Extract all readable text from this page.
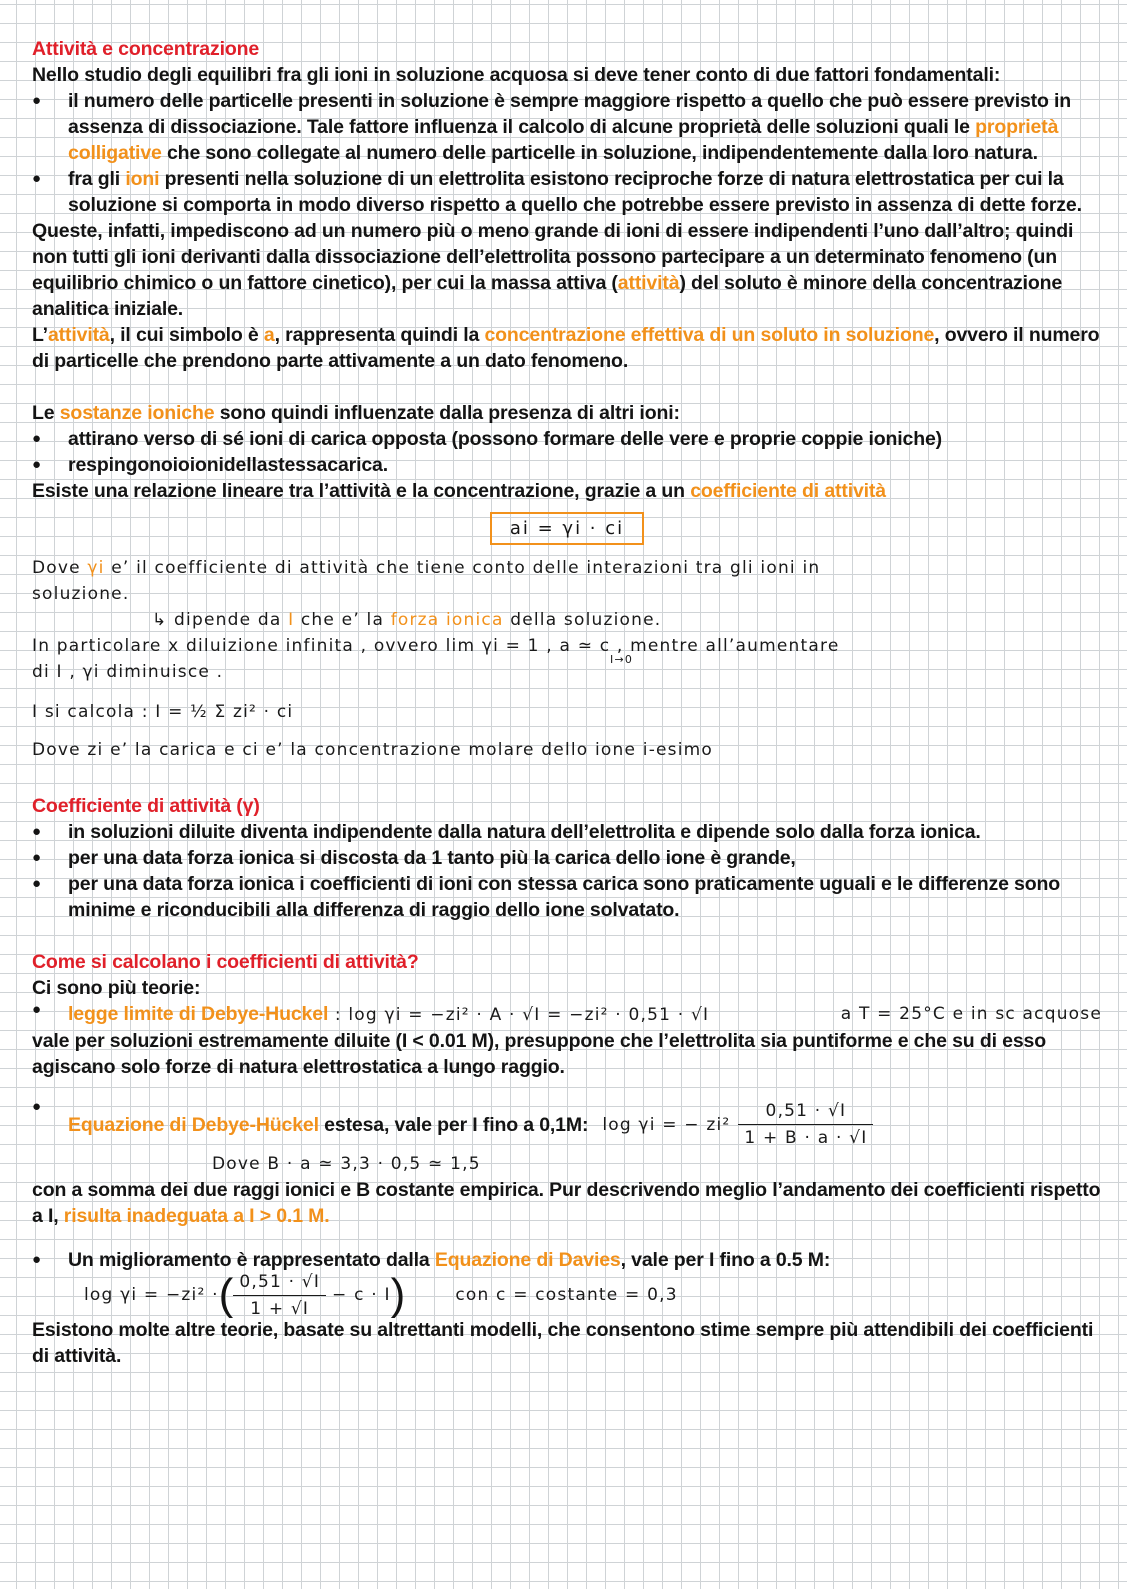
Attività e concentrazione

Nello studio degli equilibri fra gli ioni in soluzione acquosa si deve tener conto di due fattori fondamentali:

● il numero delle particelle presenti in soluzione è sempre maggiore rispetto a quello che può essere previsto in assenza di dissociazione. Tale fattore influenza il calcolo di alcune proprietà delle soluzioni quali le proprietà colligative che sono collegate al numero delle particelle in soluzione, indipendentemente dalla loro natura.
● fra gli ioni presenti nella soluzione di un elettrolita esistono reciproche forze di natura elettrostatica per cui la soluzione si comporta in modo diverso rispetto a quello che potrebbe essere previsto in assenza di dette forze.

Queste, infatti, impediscono ad un numero più o meno grande di ioni di essere indipendenti l’uno dall’altro; quindi non tutti gli ioni derivanti dalla dissociazione dell’elettrolita possono partecipare a un determinato fenomeno (un equilibrio chimico o un fattore cinetico), per cui la massa attiva (attività) del soluto è minore della concentrazione analitica iniziale.

L’attività, il cui simbolo è a, rappresenta quindi la concentrazione effettiva di un soluto in soluzione, ovvero il numero di particelle che prendono parte attivamente a un dato fenomeno.

Le sostanze ioniche sono quindi influenzate dalla presenza di altri ioni:

● attirano verso di sé ioni di carica opposta (possono formare delle vere e proprie coppie ioniche)
● respingonoioionidellastessacarica.

Esiste una relazione lineare tra l’attività e la concentrazione, grazie a un coefficiente di attività

ai = γi · ci

Dove γi e’ il coefficiente di attività che tiene conto delle interazioni tra gli ioni in

soluzione.

↳ dipende da I che e’ la forza ionica della soluzione.

In particolare x diluizione infinita , ovvero lim γi = 1 , a ≃ c , mentre all’aumentare
I→0

di I , γi diminuisce .

I si calcola : I = ½ Σ zi² · ci

Dove zi e’ la carica e ci e’ la concentrazione molare dello ione i-esimo

Coefficiente di attività (γ)

● in soluzioni diluite diventa indipendente dalla natura dell’elettrolita e dipende solo dalla forza ionica.
● per una data forza ionica si discosta da 1 tanto più la carica dello ione è grande,
● per una data forza ionica i coefficienti di ioni con stessa carica sono praticamente uguali e le differenze sono minime e riconducibili alla differenza di raggio dello ione solvatato.

Come si calcolano i coefficienti di attività?

Ci sono più teorie:

● legge limite di Debye-Huckel : log γi = −zi² · A · √I = −zi² · 0,51 · √I	a T = 25°C e in sc acquose

vale per soluzioni estremamente diluite (I < 0.01 M), presuppone che l’elettrolita sia puntiforme e che su di esso agiscano solo forze di natura elettrostatica a lungo raggio.

● Equazione di Debye-Hückel estesa, vale per I fino a 0,1M: log γi = − $zi^2 \frac{0,51 \cdot √I}{1 + B \cdot a \cdot √I}$

Dove B · a ≃ 3,3 · 0,5 ≃ 1,5

con a somma dei due raggi ionici e B costante empirica. Pur descrivendo meglio l’andamento dei coefficienti rispetto a I, risulta inadeguata a I > 0.1 M.

● Un miglioramento è rappresentato dalla Equazione di Davies, vale per I fino a 0.5 M:
log γi = −zi² · ( $\frac{0,51 \cdot √I}{1 + √I} - c \cdot I$ )	con c = costante = 0,3

Esistono molte altre teorie, basate su altrettanti modelli, che consentono stime sempre più attendibili dei coefficienti di attività.
